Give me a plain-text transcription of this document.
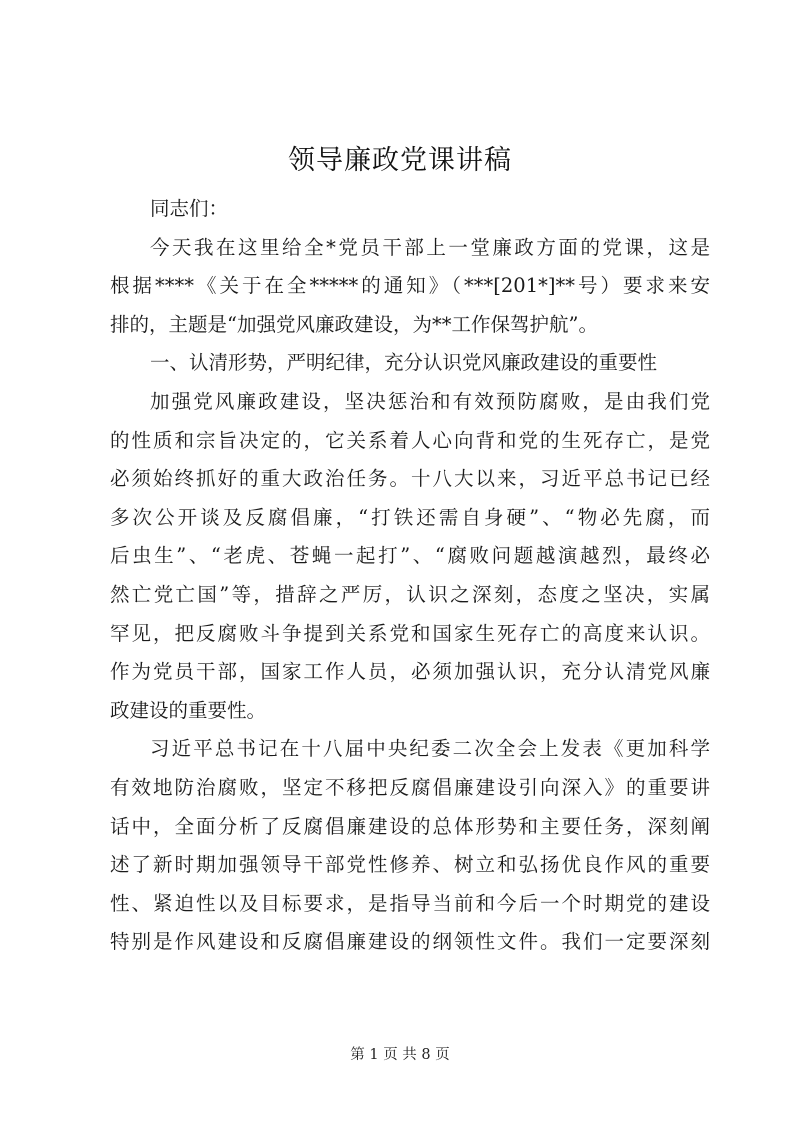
领导廉政党课讲稿
同志们：
今天我在这里给全*党员干部上一堂廉政方面的党课，这是
根据****《关于在全*****的通知》（***[201*]**号）要求来安
排的，主题是“加强党风廉政建设，为**工作保驾护航”。
一、认清形势，严明纪律，充分认识党风廉政建设的重要性
加强党风廉政建设，坚决惩治和有效预防腐败，是由我们党
的性质和宗旨决定的，它关系着人心向背和党的生死存亡，是党
必须始终抓好的重大政治任务。十八大以来，习近平总书记已经
多次公开谈及反腐倡廉，“打铁还需自身硬”、“物必先腐，而
后虫生”、“老虎、苍蝇一起打”、“腐败问题越演越烈，最终必
然亡党亡国”等，措辞之严厉，认识之深刻，态度之坚决，实属
罕见，把反腐败斗争提到关系党和国家生死存亡的高度来认识。
作为党员干部，国家工作人员，必须加强认识，充分认清党风廉
政建设的重要性。
习近平总书记在十八届中央纪委二次全会上发表《更加科学
有效地防治腐败，坚定不移把反腐倡廉建设引向深入》的重要讲
话中，全面分析了反腐倡廉建设的总体形势和主要任务，深刻阐
述了新时期加强领导干部党性修养、树立和弘扬优良作风的重要
性、紧迫性以及目标要求，是指导当前和今后一个时期党的建设
特别是作风建设和反腐倡廉建设的纲领性文件。我们一定要深刻
第 1 页 共 8 页
